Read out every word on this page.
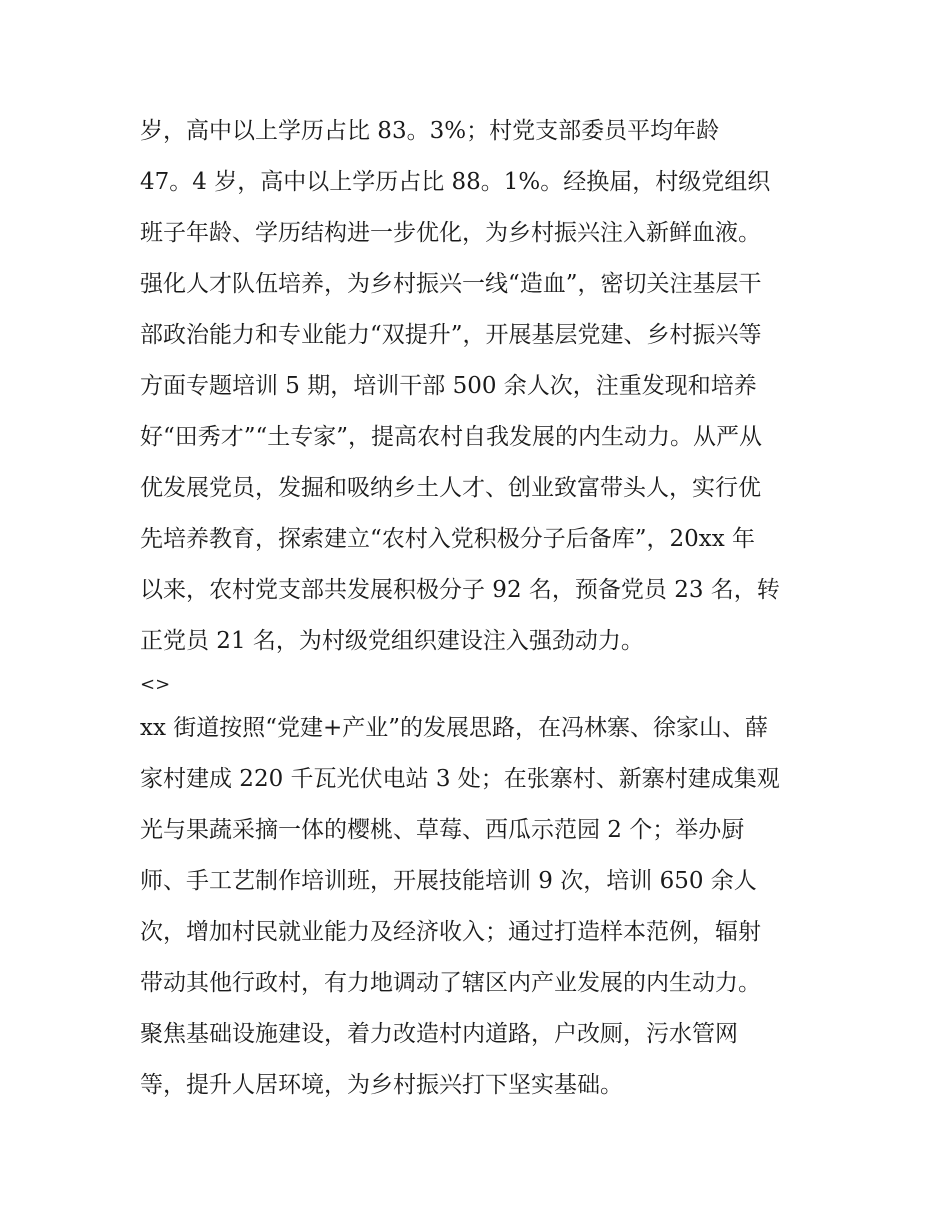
岁，高中以上学历占比 83。3%；村党支部委员平均年龄
47。4 岁，高中以上学历占比 88。1%。经换届，村级党组织
班子年龄、学历结构进一步优化，为乡村振兴注入新鲜血液。
强化人才队伍培养，为乡村振兴一线“造血”，密切关注基层干
部政治能力和专业能力“双提升”，开展基层党建、乡村振兴等
方面专题培训 5 期，培训干部 500 余人次，注重发现和培养
好“田秀才”“土专家”，提高农村自我发展的内生动力。从严从
优发展党员，发掘和吸纳乡土人才、创业致富带头人，实行优
先培养教育，探索建立“农村入党积极分子后备库”，20xx 年
以来，农村党支部共发展积极分子 92 名，预备党员 23 名，转
正党员 21 名，为村级党组织建设注入强劲动力。
<>
xx 街道按照“党建+产业”的发展思路，在冯林寨、徐家山、薛
家村建成 220 千瓦光伏电站 3 处；在张寨村、新寨村建成集观
光与果蔬采摘一体的樱桃、草莓、西瓜示范园 2 个；举办厨
师、手工艺制作培训班，开展技能培训 9 次，培训 650 余人
次，增加村民就业能力及经济收入；通过打造样本范例，辐射
带动其他行政村，有力地调动了辖区内产业发展的内生动力。
聚焦基础设施建设，着力改造村内道路，户改厕，污水管网
等，提升人居环境，为乡村振兴打下坚实基础。
